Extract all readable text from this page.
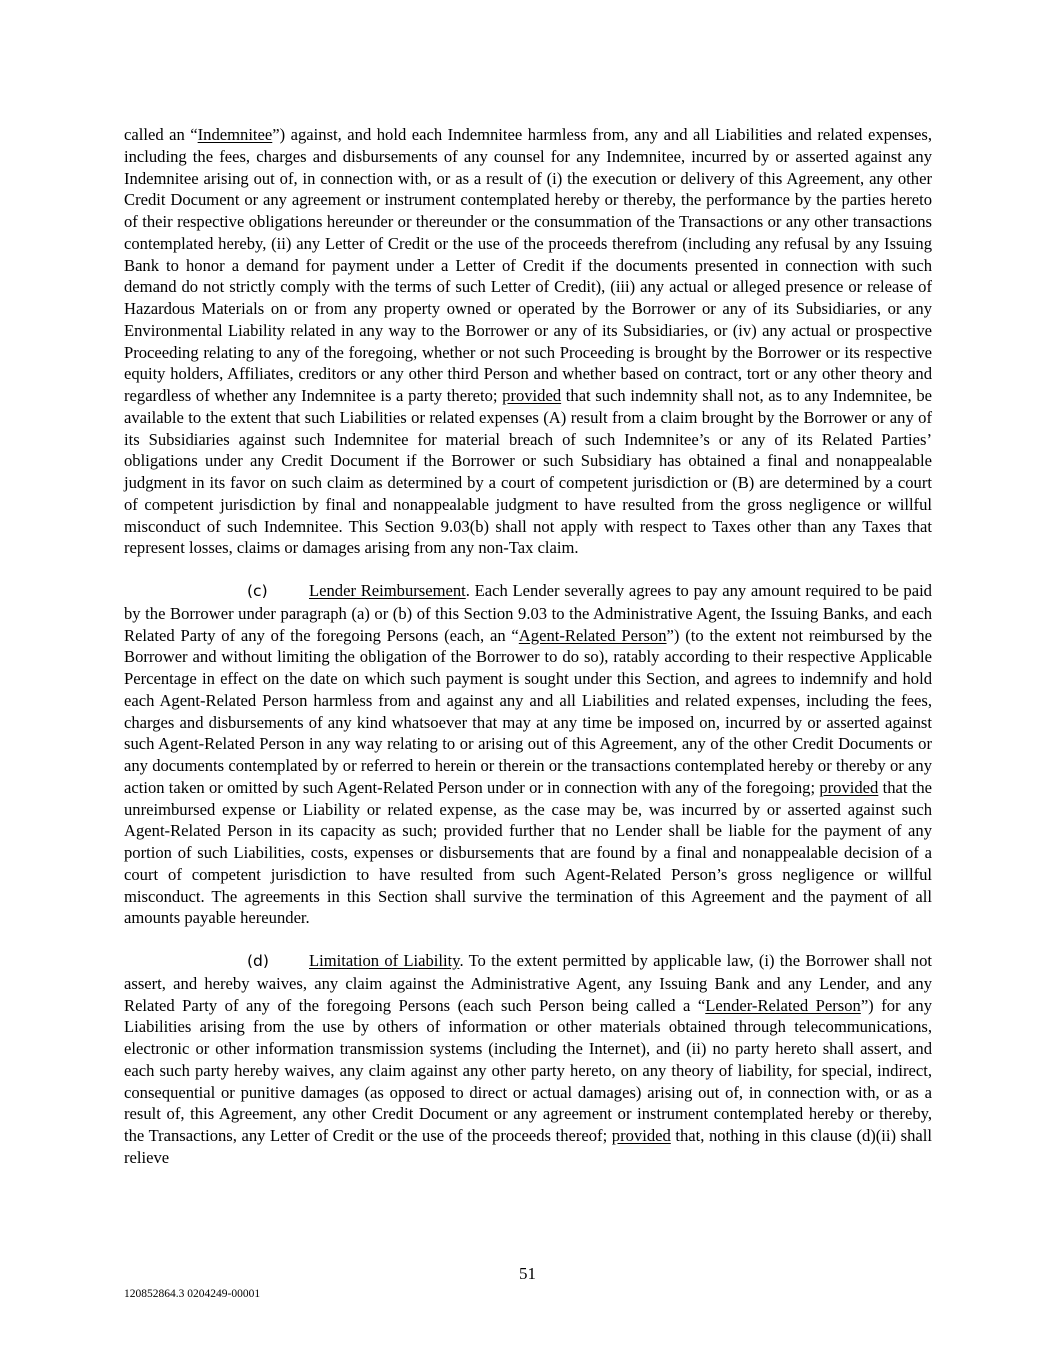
called an “Indemnitee”) against, and hold each Indemnitee harmless from, any and all Liabilities and related expenses, including the fees, charges and disbursements of any counsel for any Indemnitee, incurred by or asserted against any Indemnitee arising out of, in connection with, or as a result of (i) the execution or delivery of this Agreement, any other Credit Document or any agreement or instrument contemplated hereby or thereby, the performance by the parties hereto of their respective obligations hereunder or thereunder or the consummation of the Transactions or any other transactions contemplated hereby, (ii) any Letter of Credit or the use of the proceeds therefrom (including any refusal by any Issuing Bank to honor a demand for payment under a Letter of Credit if the documents presented in connection with such demand do not strictly comply with the terms of such Letter of Credit), (iii) any actual or alleged presence or release of Hazardous Materials on or from any property owned or operated by the Borrower or any of its Subsidiaries, or any Environmental Liability related in any way to the Borrower or any of its Subsidiaries, or (iv) any actual or prospective Proceeding relating to any of the foregoing, whether or not such Proceeding is brought by the Borrower or its respective equity holders, Affiliates, creditors or any other third Person and whether based on contract, tort or any other theory and regardless of whether any Indemnitee is a party thereto; provided that such indemnity shall not, as to any Indemnitee, be available to the extent that such Liabilities or related expenses (A) result from a claim brought by the Borrower or any of its Subsidiaries against such Indemnitee for material breach of such Indemnitee’s or any of its Related Parties’ obligations under any Credit Document if the Borrower or such Subsidiary has obtained a final and nonappealable judgment in its favor on such claim as determined by a court of competent jurisdiction or (B) are determined by a court of competent jurisdiction by final and nonappealable judgment to have resulted from the gross negligence or willful misconduct of such Indemnitee. This Section 9.03(b) shall not apply with respect to Taxes other than any Taxes that represent losses, claims or damages arising from any non-Tax claim.

(c) Lender Reimbursement. Each Lender severally agrees to pay any amount required to be paid by the Borrower under paragraph (a) or (b) of this Section 9.03 to the Administrative Agent, the Issuing Banks, and each Related Party of any of the foregoing Persons (each, an “Agent-Related Person”) (to the extent not reimbursed by the Borrower and without limiting the obligation of the Borrower to do so), ratably according to their respective Applicable Percentage in effect on the date on which such payment is sought under this Section, and agrees to indemnify and hold each Agent-Related Person harmless from and against any and all Liabilities and related expenses, including the fees, charges and disbursements of any kind whatsoever that may at any time be imposed on, incurred by or asserted against such Agent-Related Person in any way relating to or arising out of this Agreement, any of the other Credit Documents or any documents contemplated by or referred to herein or therein or the transactions contemplated hereby or thereby or any action taken or omitted by such Agent-Related Person under or in connection with any of the foregoing; provided that the unreimbursed expense or Liability or related expense, as the case may be, was incurred by or asserted against such Agent-Related Person in its capacity as such; provided further that no Lender shall be liable for the payment of any portion of such Liabilities, costs, expenses or disbursements that are found by a final and nonappealable decision of a court of competent jurisdiction to have resulted from such Agent-Related Person’s gross negligence or willful misconduct. The agreements in this Section shall survive the termination of this Agreement and the payment of all amounts payable hereunder.

(d) Limitation of Liability. To the extent permitted by applicable law, (i) the Borrower shall not assert, and hereby waives, any claim against the Administrative Agent, any Issuing Bank and any Lender, and any Related Party of any of the foregoing Persons (each such Person being called a “Lender-Related Person”) for any Liabilities arising from the use by others of information or other materials obtained through telecommunications, electronic or other information transmission systems (including the Internet), and (ii) no party hereto shall assert, and each such party hereby waives, any claim against any other party hereto, on any theory of liability, for special, indirect, consequential or punitive damages (as opposed to direct or actual damages) arising out of, in connection with, or as a result of, this Agreement, any other Credit Document or any agreement or instrument contemplated hereby or thereby, the Transactions, any Letter of Credit or the use of the proceeds thereof; provided that, nothing in this clause (d)(ii) shall relieve

51
120852864.3 0204249-00001
